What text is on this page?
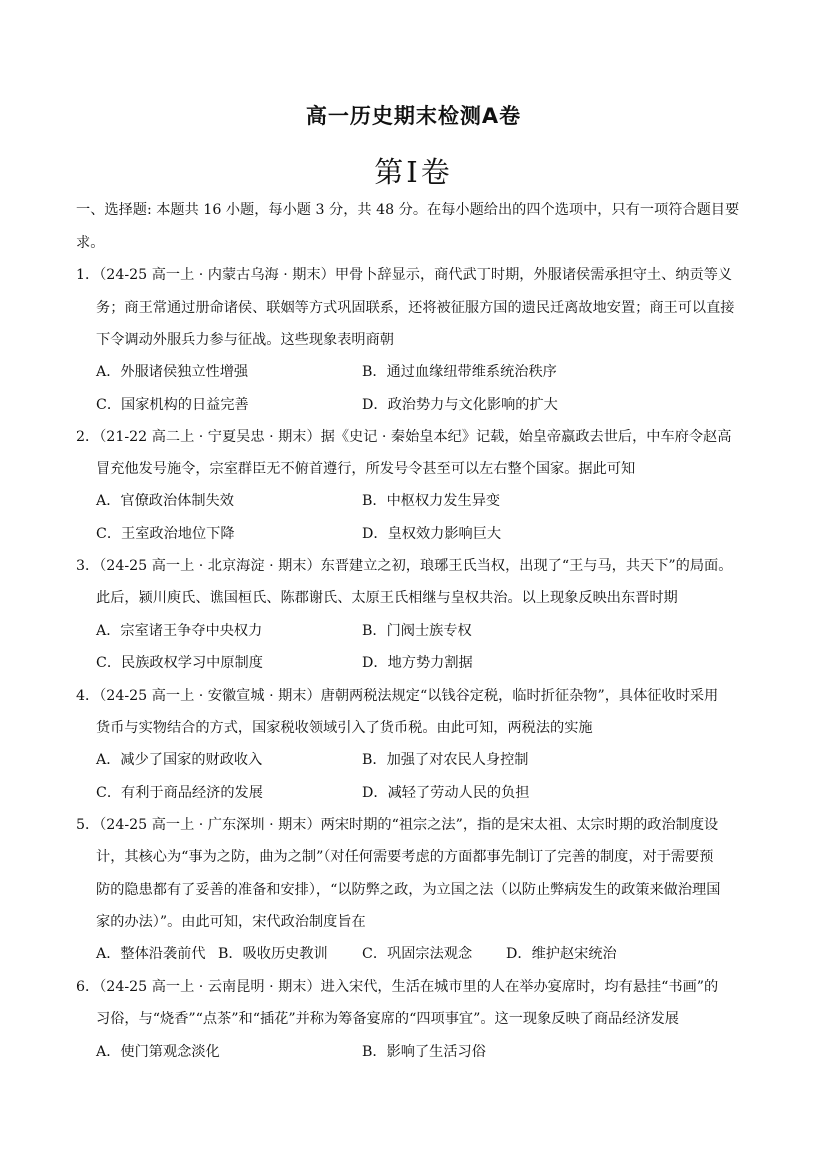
高一历史期末检测A卷
第Ⅰ卷
一、选择题: 本题共 16 小题，每小题 3 分，共 48 分。在每小题给出的四个选项中，只有一项符合题目要
求。
1．（24-25 高一上 · 内蒙古乌海 · 期末）甲骨卜辞显示，商代武丁时期，外服诸侯需承担守土、纳贡等义
务；商王常通过册命诸侯、联姻等方式巩固联系，还将被征服方国的遗民迁离故地安置；商王可以直接
下令调动外服兵力参与征战。这些现象表明商朝
A．外服诸侯独立性增强	B．通过血缘纽带维系统治秩序
C．国家机构的日益完善	D．政治势力与文化影响的扩大
2．（21-22 高二上 · 宁夏吴忠 · 期末）据《史记 · 秦始皇本纪》记载，始皇帝嬴政去世后，中车府令赵高
冒充他发号施令，宗室群臣无不俯首遵行，所发号令甚至可以左右整个国家。据此可知
A．官僚政治体制失效	B．中枢权力发生异变
C．王室政治地位下降	D．皇权效力影响巨大
3．（24-25 高一上 · 北京海淀 · 期末）东晋建立之初，琅琊王氏当权，出现了“王与马，共天下”的局面。
此后，颍川庾氏、谯国桓氏、陈郡谢氏、太原王氏相继与皇权共治。以上现象反映出东晋时期
A．宗室诸王争夺中央权力	B．门阀士族专权
C．民族政权学习中原制度	D．地方势力割据
4．（24-25 高一上 · 安徽宣城 · 期末）唐朝两税法规定“以钱谷定税，临时折征杂物”，具体征收时采用
货币与实物结合的方式，国家税收领域引入了货币税。由此可知，两税法的实施
A．减少了国家的财政收入	B．加强了对农民人身控制
C．有利于商品经济的发展	D．减轻了劳动人民的负担
5．（24-25 高一上 · 广东深圳 · 期末）两宋时期的“祖宗之法”，指的是宋太祖、太宗时期的政治制度设
计，其核心为“事为之防，曲为之制”（对任何需要考虑的方面都事先制订了完善的制度，对于需要预
防的隐患都有了妥善的准备和安排），“以防弊之政，为立国之法（以防止弊病发生的政策来做治理国
家的办法）”。由此可知，宋代政治制度旨在
A．整体沿袭前代 B．吸收历史教训 C．巩固宗法观念 D．维护赵宋统治
6．（24-25 高一上 · 云南昆明 · 期末）进入宋代，生活在城市里的人在举办宴席时，均有悬挂“书画”的
习俗，与“烧香”“点茶”和“插花”并称为筹备宴席的“四项事宜”。这一现象反映了商品经济发展
A．使门第观念淡化	B．影响了生活习俗
